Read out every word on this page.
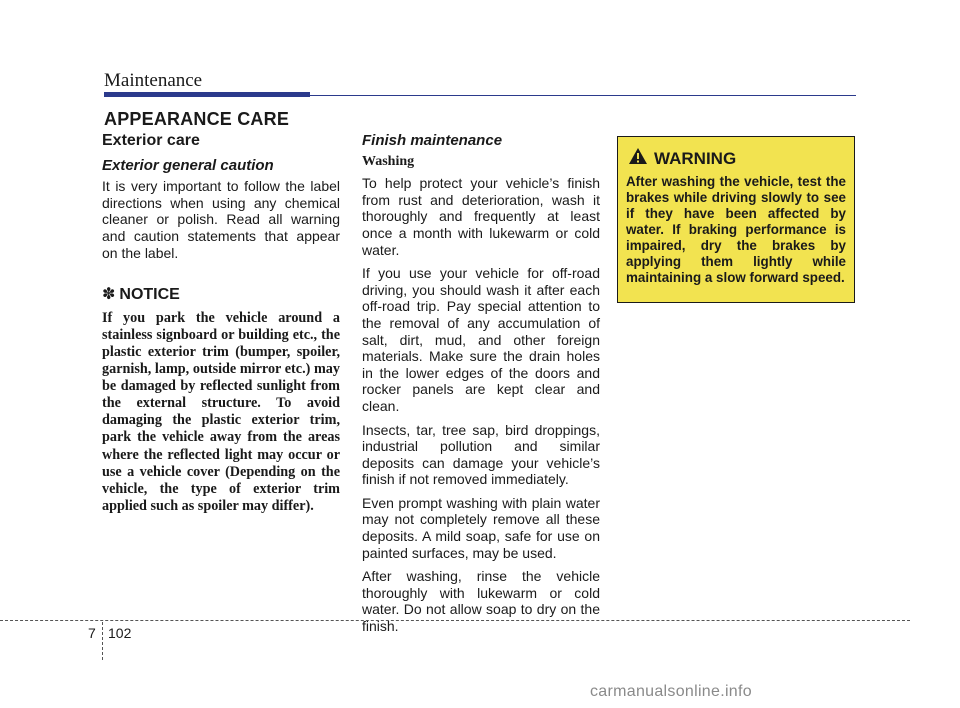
Maintenance
APPEARANCE CARE
Exterior care
Exterior general caution

It is very important to follow the label directions when using any chemical cleaner or polish. Read all warning and caution statements that appear on the label.

✽ NOTICE

If you park the vehicle around a stainless signboard or building etc., the plastic exterior trim (bumper, spoiler, garnish, lamp, outside mirror etc.) may be damaged by reflected sunlight from the external structure. To avoid damaging the plastic exterior trim, park the vehicle away from the areas where the reflected light may occur or use a vehicle cover (Depending on the vehicle, the type of exterior trim applied such as spoiler may differ).

Finish maintenance
Washing

To help protect your vehicle’s finish from rust and deterioration, wash it thoroughly and frequently at least once a month with lukewarm or cold water.

If you use your vehicle for off-road driving, you should wash it after each off-road trip. Pay special attention to the removal of any accumulation of salt, dirt, mud, and other foreign materials. Make sure the drain holes in the lower edges of the doors and rocker panels are kept clear and clean.

Insects, tar, tree sap, bird droppings, industrial pollution and similar deposits can damage your vehicle’s finish if not removed immediately.

Even prompt washing with plain water may not completely remove all these deposits. A mild soap, safe for use on painted surfaces, may be used.

After washing, rinse the vehicle thoroughly with lukewarm or cold water. Do not allow soap to dry on the finish.

WARNING

After washing the vehicle, test the brakes while driving slowly to see if they have been affected by water. If braking performance is impaired, dry the brakes by applying them lightly while maintaining a slow forward speed.

7 102
carmanualsonline.info
